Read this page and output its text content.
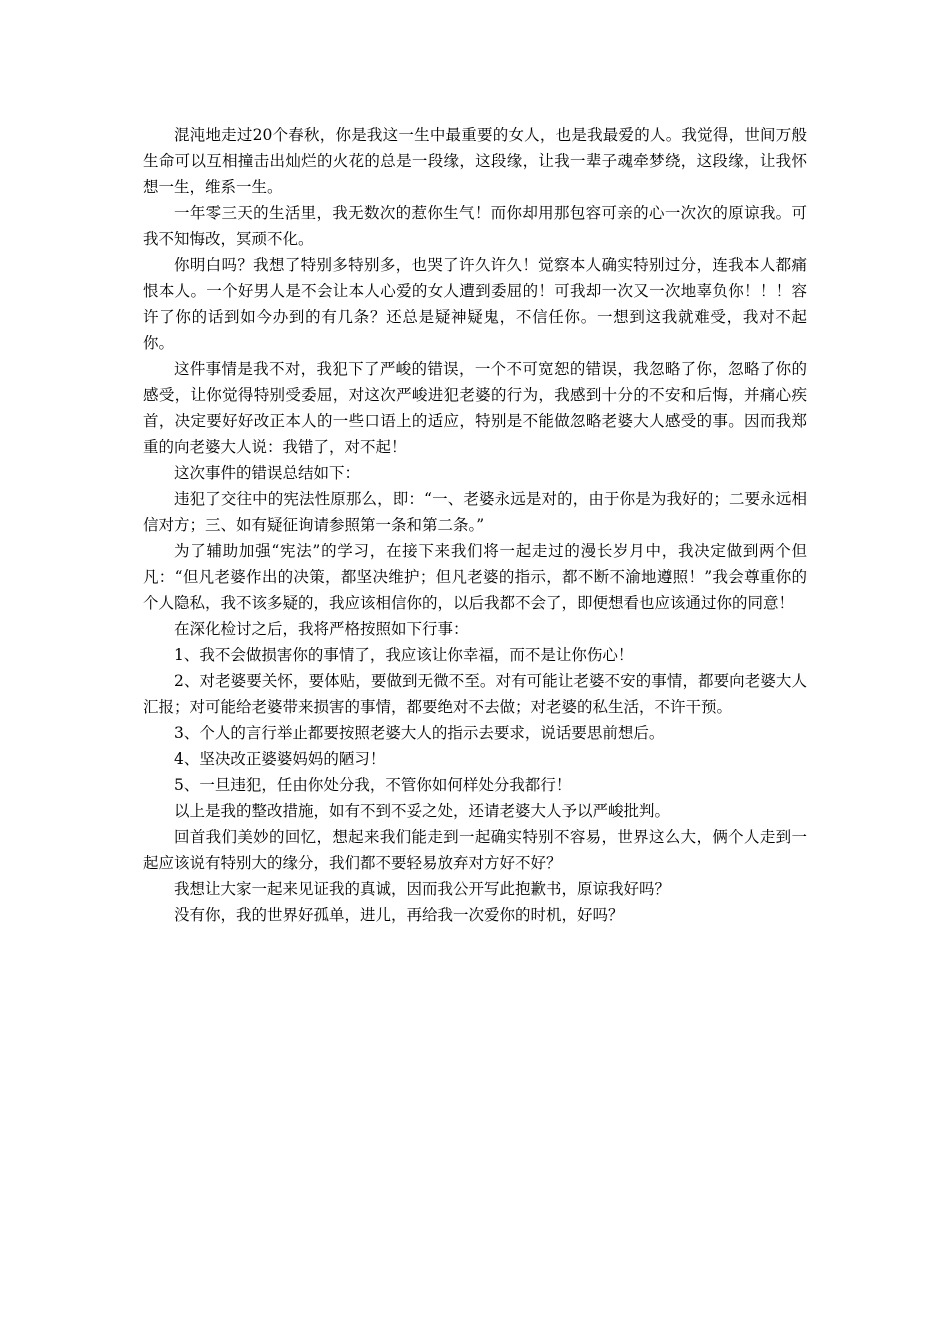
混沌地走过20个春秋，你是我这一生中最重要的女人，也是我最爱的人。我觉得，世间万般生命可以互相撞击出灿烂的火花的总是一段缘，这段缘，让我一辈子魂牵梦绕，这段缘，让我怀想一生，维系一生。

一年零三天的生活里，我无数次的惹你生气！而你却用那包容可亲的心一次次的原谅我。可我不知悔改，冥顽不化。

你明白吗？我想了特别多特别多，也哭了许久许久！觉察本人确实特别过分，连我本人都痛恨本人。一个好男人是不会让本人心爱的女人遭到委屈的！可我却一次又一次地辜负你！！！容许了你的话到如今办到的有几条？还总是疑神疑鬼，不信任你。一想到这我就难受，我对不起你。

这件事情是我不对，我犯下了严峻的错误，一个不可宽恕的错误，我忽略了你，忽略了你的感受，让你觉得特别受委屈，对这次严峻进犯老婆的行为，我感到十分的不安和后悔，并痛心疾首，决定要好好改正本人的一些口语上的适应，特别是不能做忽略老婆大人感受的事。因而我郑重的向老婆大人说：我错了，对不起！

这次事件的错误总结如下：

违犯了交往中的宪法性原那么，即：“一、老婆永远是对的，由于你是为我好的；二要永远相信对方；三、如有疑征询请参照第一条和第二条。”

为了辅助加强“宪法”的学习，在接下来我们将一起走过的漫长岁月中，我决定做到两个但凡：“但凡老婆作出的决策，都坚决维护；但凡老婆的指示，都不断不渝地遵照！”我会尊重你的个人隐私，我不该多疑的，我应该相信你的，以后我都不会了，即便想看也应该通过你的同意！

在深化检讨之后，我将严格按照如下行事：

1、我不会做损害你的事情了，我应该让你幸福，而不是让你伤心！

2、对老婆要关怀，要体贴，要做到无微不至。对有可能让老婆不安的事情，都要向老婆大人汇报；对可能给老婆带来损害的事情，都要绝对不去做；对老婆的私生活，不许干预。

3、个人的言行举止都要按照老婆大人的指示去要求，说话要思前想后。

4、坚决改正婆婆妈妈的陋习！

5、一旦违犯，任由你处分我，不管你如何样处分我都行！

以上是我的整改措施，如有不到不妥之处，还请老婆大人予以严峻批判。

回首我们美妙的回忆，想起来我们能走到一起确实特别不容易，世界这么大，俩个人走到一起应该说有特别大的缘分，我们都不要轻易放弃对方好不好？

我想让大家一起来见证我的真诚，因而我公开写此抱歉书，原谅我好吗？

没有你，我的世界好孤单，进儿，再给我一次爱你的时机，好吗？
